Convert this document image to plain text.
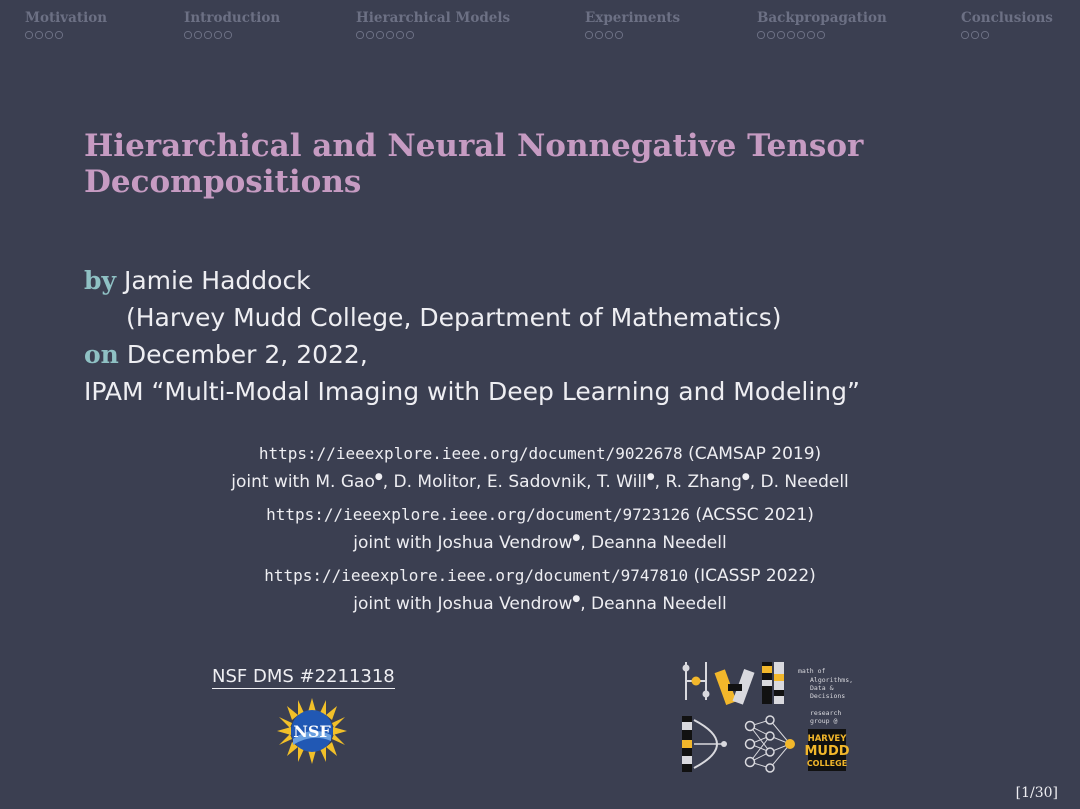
Motivation	Introduction	Hierarchical Models	Experiments	Backpropagation	Conclusions
Hierarchical and Neural Nonnegative Tensor
Decompositions
by Jamie Haddock
(Harvey Mudd College, Department of Mathematics)
on December 2, 2022,
IPAM “Multi-Modal Imaging with Deep Learning and Modeling”
https://ieeexplore.ieee.org/document/9022678 (CAMSAP 2019)
joint with M. Gao●, D. Molitor, E. Sadovnik, T. Will●, R. Zhang●, D. Needell
https://ieeexplore.ieee.org/document/9723126 (ACSSC 2021)
joint with Joshua Vendrow●, Deanna Needell
https://ieeexplore.ieee.org/document/9747810 (ICASSP 2022)
joint with Joshua Vendrow●, Deanna Needell
NSF DMS #2211318
NSF
math of
Algorithms,
Data &
Decisions
research
group @
HARVEY
MUDD
COLLEGE
[1/30]
